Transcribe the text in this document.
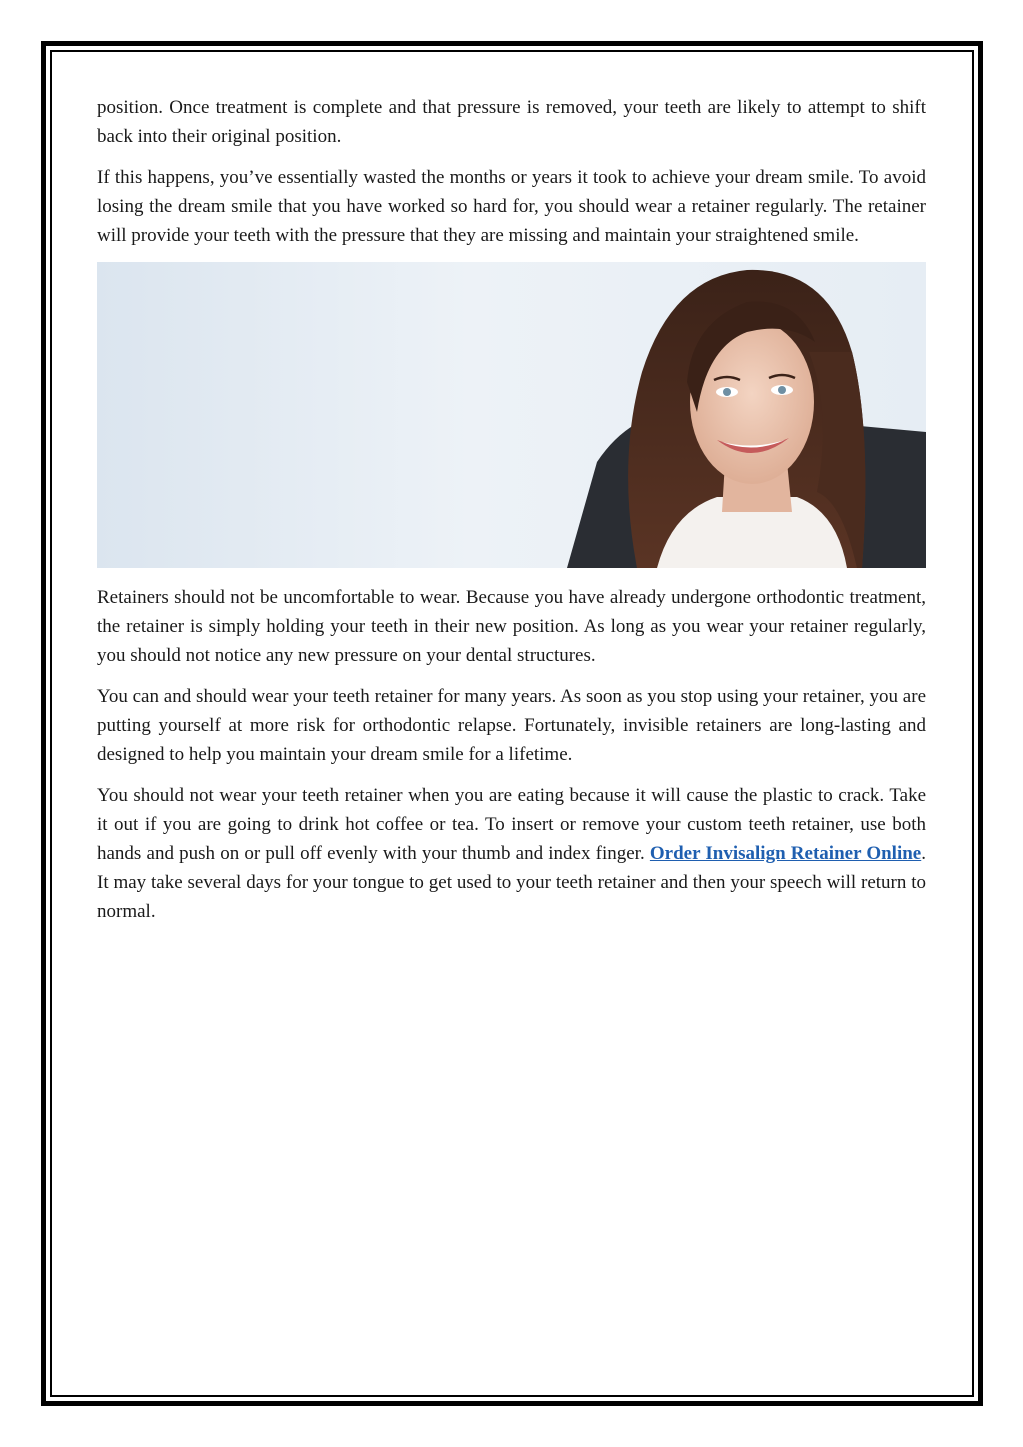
position. Once treatment is complete and that pressure is removed, your teeth are likely to attempt to shift back into their original position.

If this happens, you’ve essentially wasted the months or years it took to achieve your dream smile. To avoid losing the dream smile that you have worked so hard for, you should wear a retainer regularly. The retainer will provide your teeth with the pressure that they are missing and maintain your straightened smile.

Retainers should not be uncomfortable to wear. Because you have already undergone orthodontic treatment, the retainer is simply holding your teeth in their new position. As long as you wear your retainer regularly, you should not notice any new pressure on your dental structures.

You can and should wear your teeth retainer for many years. As soon as you stop using your retainer, you are putting yourself at more risk for orthodontic relapse. Fortunately, invisible retainers are long-lasting and designed to help you maintain your dream smile for a lifetime.

You should not wear your teeth retainer when you are eating because it will cause the plastic to crack. Take it out if you are going to drink hot coffee or tea. To insert or remove your custom teeth retainer, use both hands and push on or pull off evenly with your thumb and index finger. Order Invisalign Retainer Online. It may take several days for your tongue to get used to your teeth retainer and then your speech will return to normal.
